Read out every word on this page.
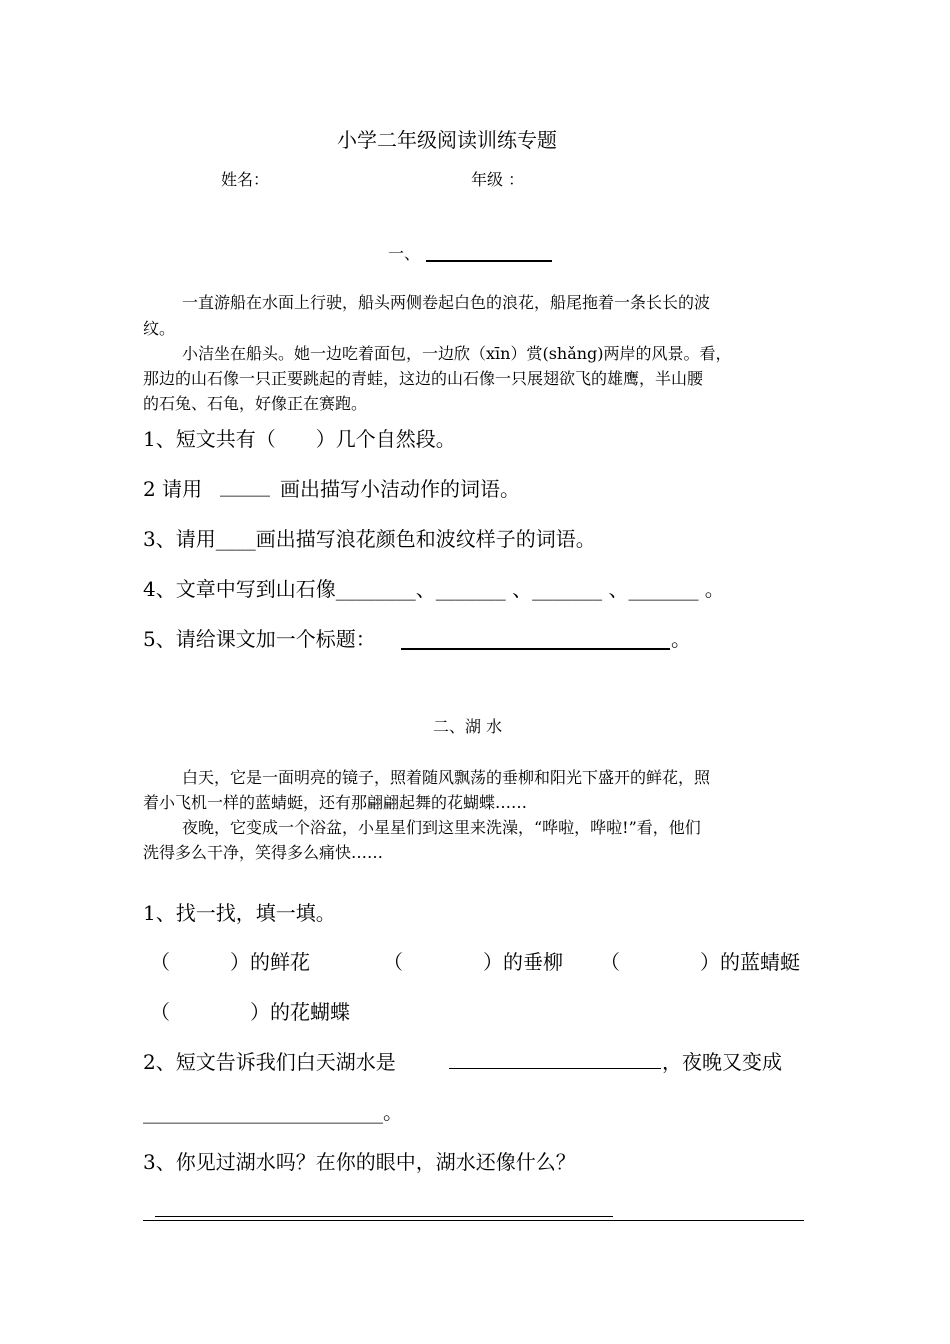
小学二年级阅读训练专题
姓名：	年级 ：
一、
一直游船在水面上行驶，船头两侧卷起白色的浪花，船尾拖着一条长长的波
纹。
小洁坐在船头。她一边吃着面包，一边欣（xīn）赏(shǎng)两岸的风景。看，
那边的山石像一只正要跳起的青蛙，这边的山石像一只展翅欲飞的雄鹰，半山腰
的石兔、石龟，好像正在赛跑。
1、短文共有（　　）几个自然段。
2 请用 _____ 画出描写小洁动作的词语。
3、请用____画出描写浪花颜色和波纹样子的词语。
4、文章中写到山石像________、_______ 、_______ 、_______ 。
5、请给课文加一个标题：	。
二、湖 水
白天，它是一面明亮的镜子，照着随风飘荡的垂柳和阳光下盛开的鲜花，照
着小飞机一样的蓝蜻蜓，还有那翩翩起舞的花蝴蝶……
夜晚，它变成一个浴盆，小星星们到这里来洗澡，“哗啦，哗啦!”看，他们
洗得多么干净，笑得多么痛快……
1、找一找，填一填。
（　　　）的鲜花	（　　　　）的垂柳 （　　　　）的蓝蜻蜓
（　　　　）的花蝴蝶
2、短文告诉我们白天湖水是	，夜晚又变成
________________________。
3、你见过湖水吗？在你的眼中，湖水还像什么？
